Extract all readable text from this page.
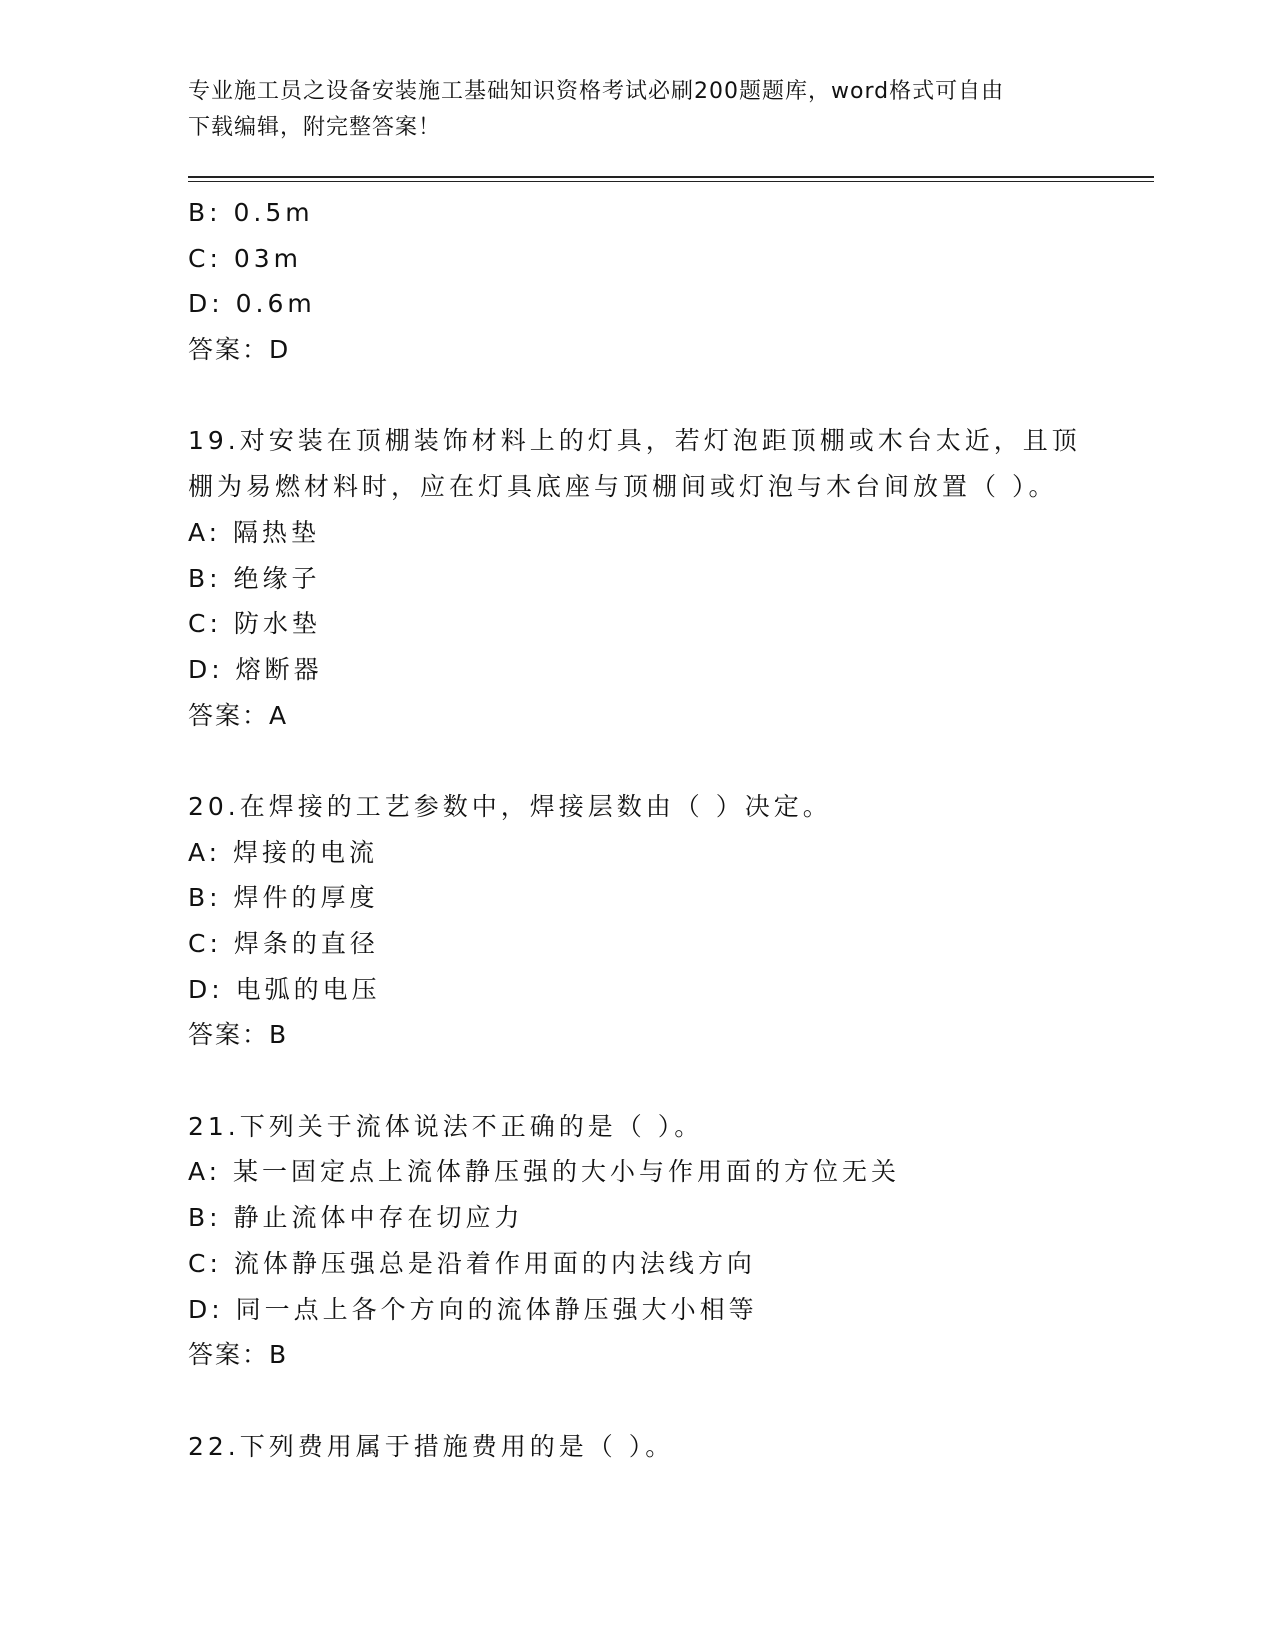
专业施工员之设备安装施工基础知识资格考试必刷200题题库，word格式可自由
下载编辑，附完整答案！
B: 0.5m
C: 03m
D: 0.6m
答案：D
19.对安装在顶棚装饰材料上的灯具，若灯泡距顶棚或木台太近，且顶
棚为易燃材料时，应在灯具底座与顶棚间或灯泡与木台间放置（ ）。
A: 隔热垫
B: 绝缘子
C: 防水垫
D: 熔断器
答案：A
20.在焊接的工艺参数中，焊接层数由（ ）决定。
A: 焊接的电流
B: 焊件的厚度
C: 焊条的直径
D: 电弧的电压
答案：B
21.下列关于流体说法不正确的是（ ）。
A: 某一固定点上流体静压强的大小与作用面的方位无关
B: 静止流体中存在切应力
C: 流体静压强总是沿着作用面的内法线方向
D: 同一点上各个方向的流体静压强大小相等
答案：B
22.下列费用属于措施费用的是（ ）。
